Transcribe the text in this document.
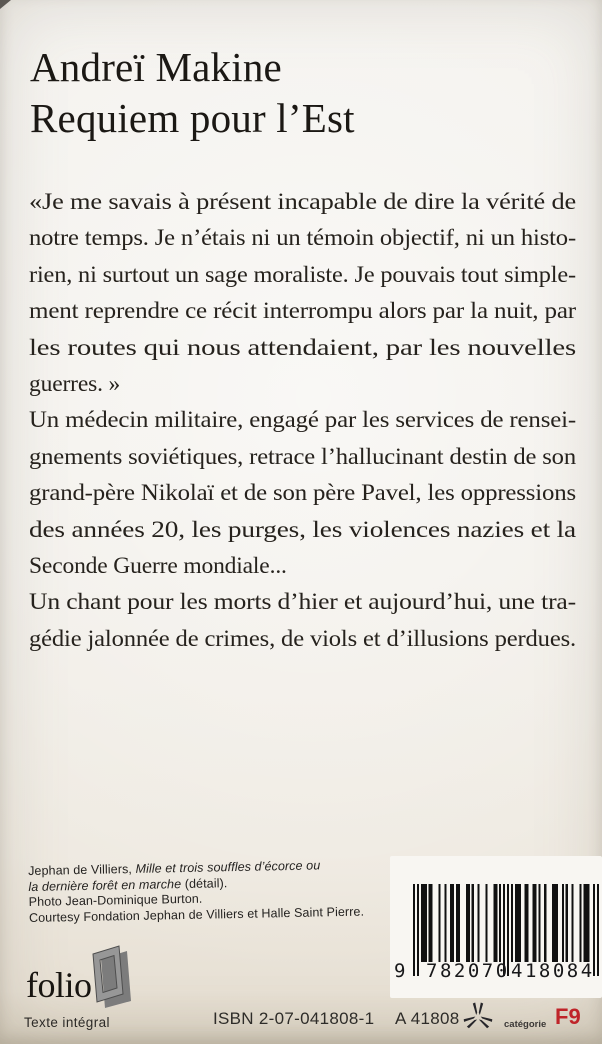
Andreï Makine
Requiem pour l’Est
«Je me savais à présent incapable de dire la vérité de
notre temps. Je n’étais ni un témoin objectif, ni un histo-
rien, ni surtout un sage moraliste. Je pouvais tout simple-
ment reprendre ce récit interrompu alors par la nuit, par
les routes qui nous attendaient, par les nouvelles
guerres. »
Un médecin militaire, engagé par les services de rensei-
gnements soviétiques, retrace l’hallucinant destin de son
grand-père Nikolaï et de son père Pavel, les oppressions
des années 20, les purges, les violences nazies et la
Seconde Guerre mondiale...
Un chant pour les morts d’hier et aujourd’hui, une tra-
gédie jalonnée de crimes, de viols et d’illusions perdues.
Jephan de Villiers, Mille et trois souffles d’écorce ou
la dernière forêt en marche (détail).
Photo Jean-Dominique Burton.
Courtesy Fondation Jephan de Villiers et Halle Saint Pierre.
9 782070 418084
folio
Texte intégral	ISBN 2-07-041808-1 A 41808	catégorie F9
